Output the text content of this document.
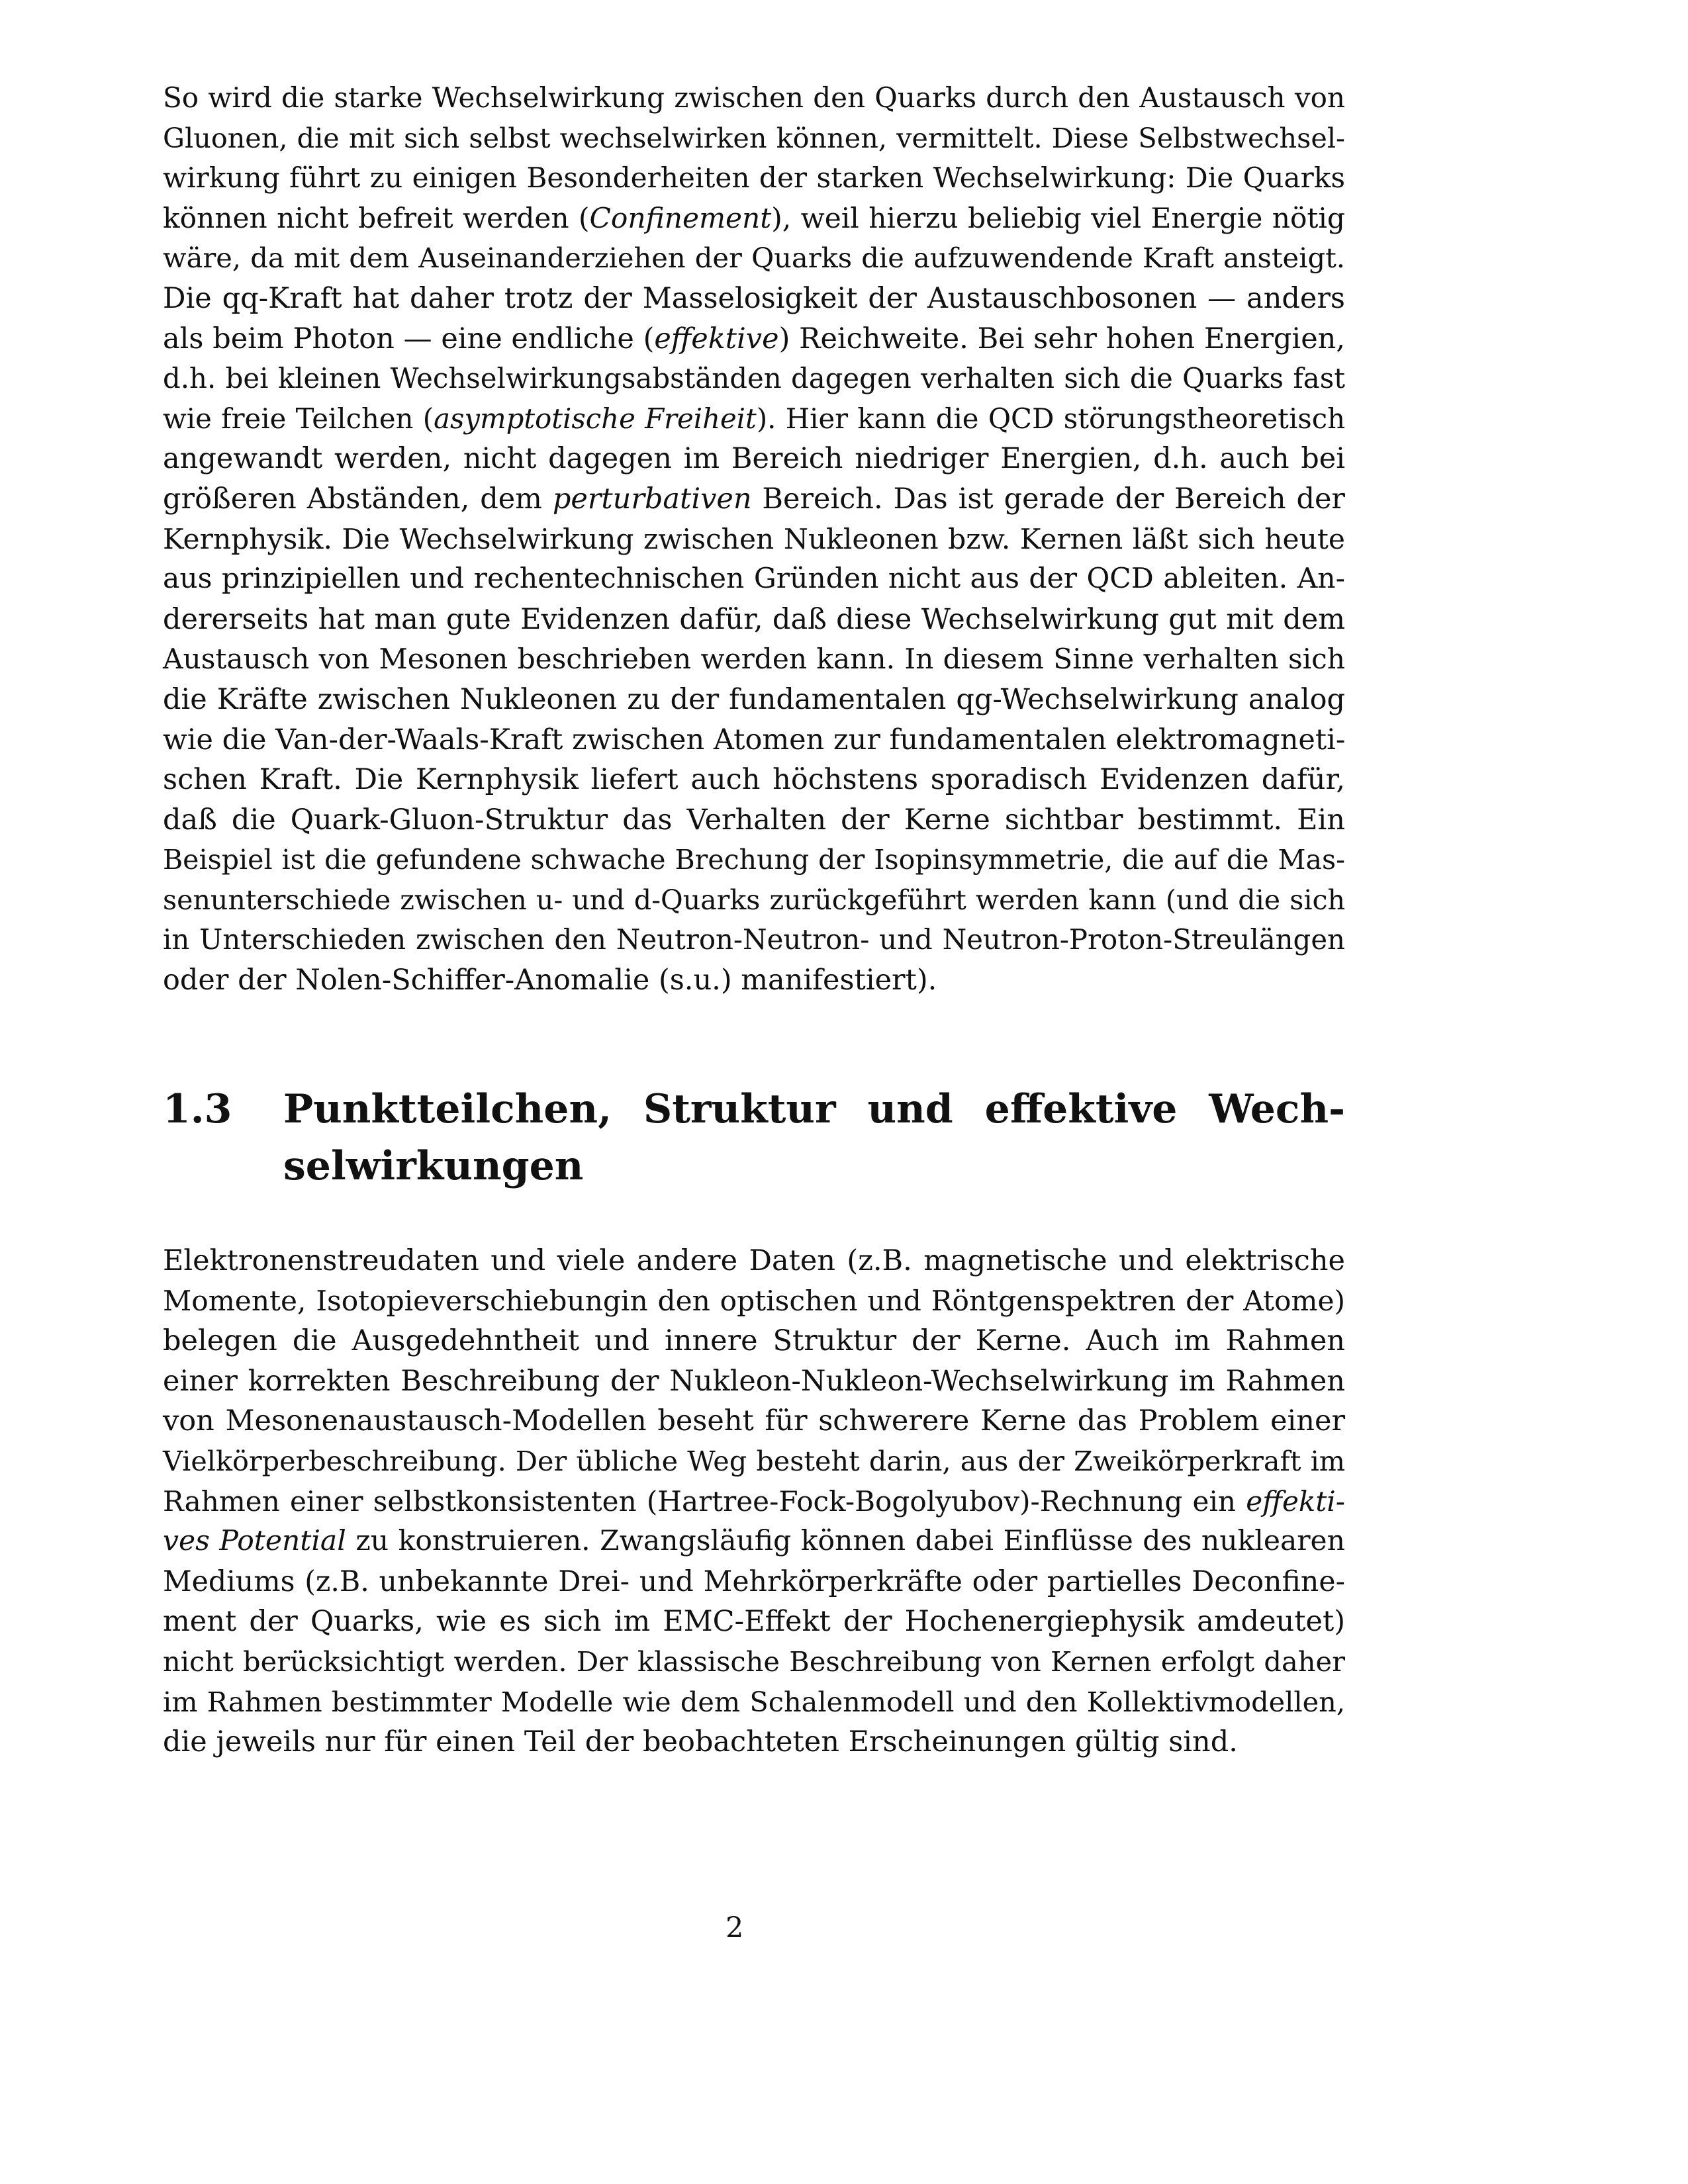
So wird die starke Wechselwirkung zwischen den Quarks durch den Austausch von
Gluonen, die mit sich selbst wechselwirken können, vermittelt. Diese Selbstwechsel-
wirkung führt zu einigen Besonderheiten der starken Wechselwirkung: Die Quarks
können nicht befreit werden (Confinement), weil hierzu beliebig viel Energie nötig
wäre, da mit dem Auseinanderziehen der Quarks die aufzuwendende Kraft ansteigt.
Die qq-Kraft hat daher trotz der Masselosigkeit der Austauschbosonen — anders
als beim Photon — eine endliche (effektive) Reichweite. Bei sehr hohen Energien,
d.h. bei kleinen Wechselwirkungsabständen dagegen verhalten sich die Quarks fast
wie freie Teilchen (asymptotische Freiheit). Hier kann die QCD störungstheoretisch
angewandt werden, nicht dagegen im Bereich niedriger Energien, d.h. auch bei
größeren Abständen, dem perturbativen Bereich. Das ist gerade der Bereich der
Kernphysik. Die Wechselwirkung zwischen Nukleonen bzw. Kernen läßt sich heute
aus prinzipiellen und rechentechnischen Gründen nicht aus der QCD ableiten. An-
dererseits hat man gute Evidenzen dafür, daß diese Wechselwirkung gut mit dem
Austausch von Mesonen beschrieben werden kann. In diesem Sinne verhalten sich
die Kräfte zwischen Nukleonen zu der fundamentalen qg-Wechselwirkung analog
wie die Van-der-Waals-Kraft zwischen Atomen zur fundamentalen elektromagneti-
schen Kraft. Die Kernphysik liefert auch höchstens sporadisch Evidenzen dafür,
daß die Quark-Gluon-Struktur das Verhalten der Kerne sichtbar bestimmt. Ein
Beispiel ist die gefundene schwache Brechung der Isopinsymmetrie, die auf die Mas-
senunterschiede zwischen u- und d-Quarks zurückgeführt werden kann (und die sich
in Unterschieden zwischen den Neutron-Neutron- und Neutron-Proton-Streulängen
oder der Nolen-Schiffer-Anomalie (s.u.) manifestiert).
1.3 Punktteilchen, Struktur und effektive Wech-
selwirkungen
Elektronenstreudaten und viele andere Daten (z.B. magnetische und elektrische
Momente, Isotopieverschiebungin den optischen und Röntgenspektren der Atome)
belegen die Ausgedehntheit und innere Struktur der Kerne. Auch im Rahmen
einer korrekten Beschreibung der Nukleon-Nukleon-Wechselwirkung im Rahmen
von Mesonenaustausch-Modellen beseht für schwerere Kerne das Problem einer
Vielkörperbeschreibung. Der übliche Weg besteht darin, aus der Zweikörperkraft im
Rahmen einer selbstkonsistenten (Hartree-Fock-Bogolyubov)-Rechnung ein effekti-
ves Potential zu konstruieren. Zwangsläufig können dabei Einflüsse des nuklearen
Mediums (z.B. unbekannte Drei- und Mehrkörperkräfte oder partielles Deconfine-
ment der Quarks, wie es sich im EMC-Effekt der Hochenergiephysik amdeutet)
nicht berücksichtigt werden. Der klassische Beschreibung von Kernen erfolgt daher
im Rahmen bestimmter Modelle wie dem Schalenmodell und den Kollektivmodellen,
die jeweils nur für einen Teil der beobachteten Erscheinungen gültig sind.
2
